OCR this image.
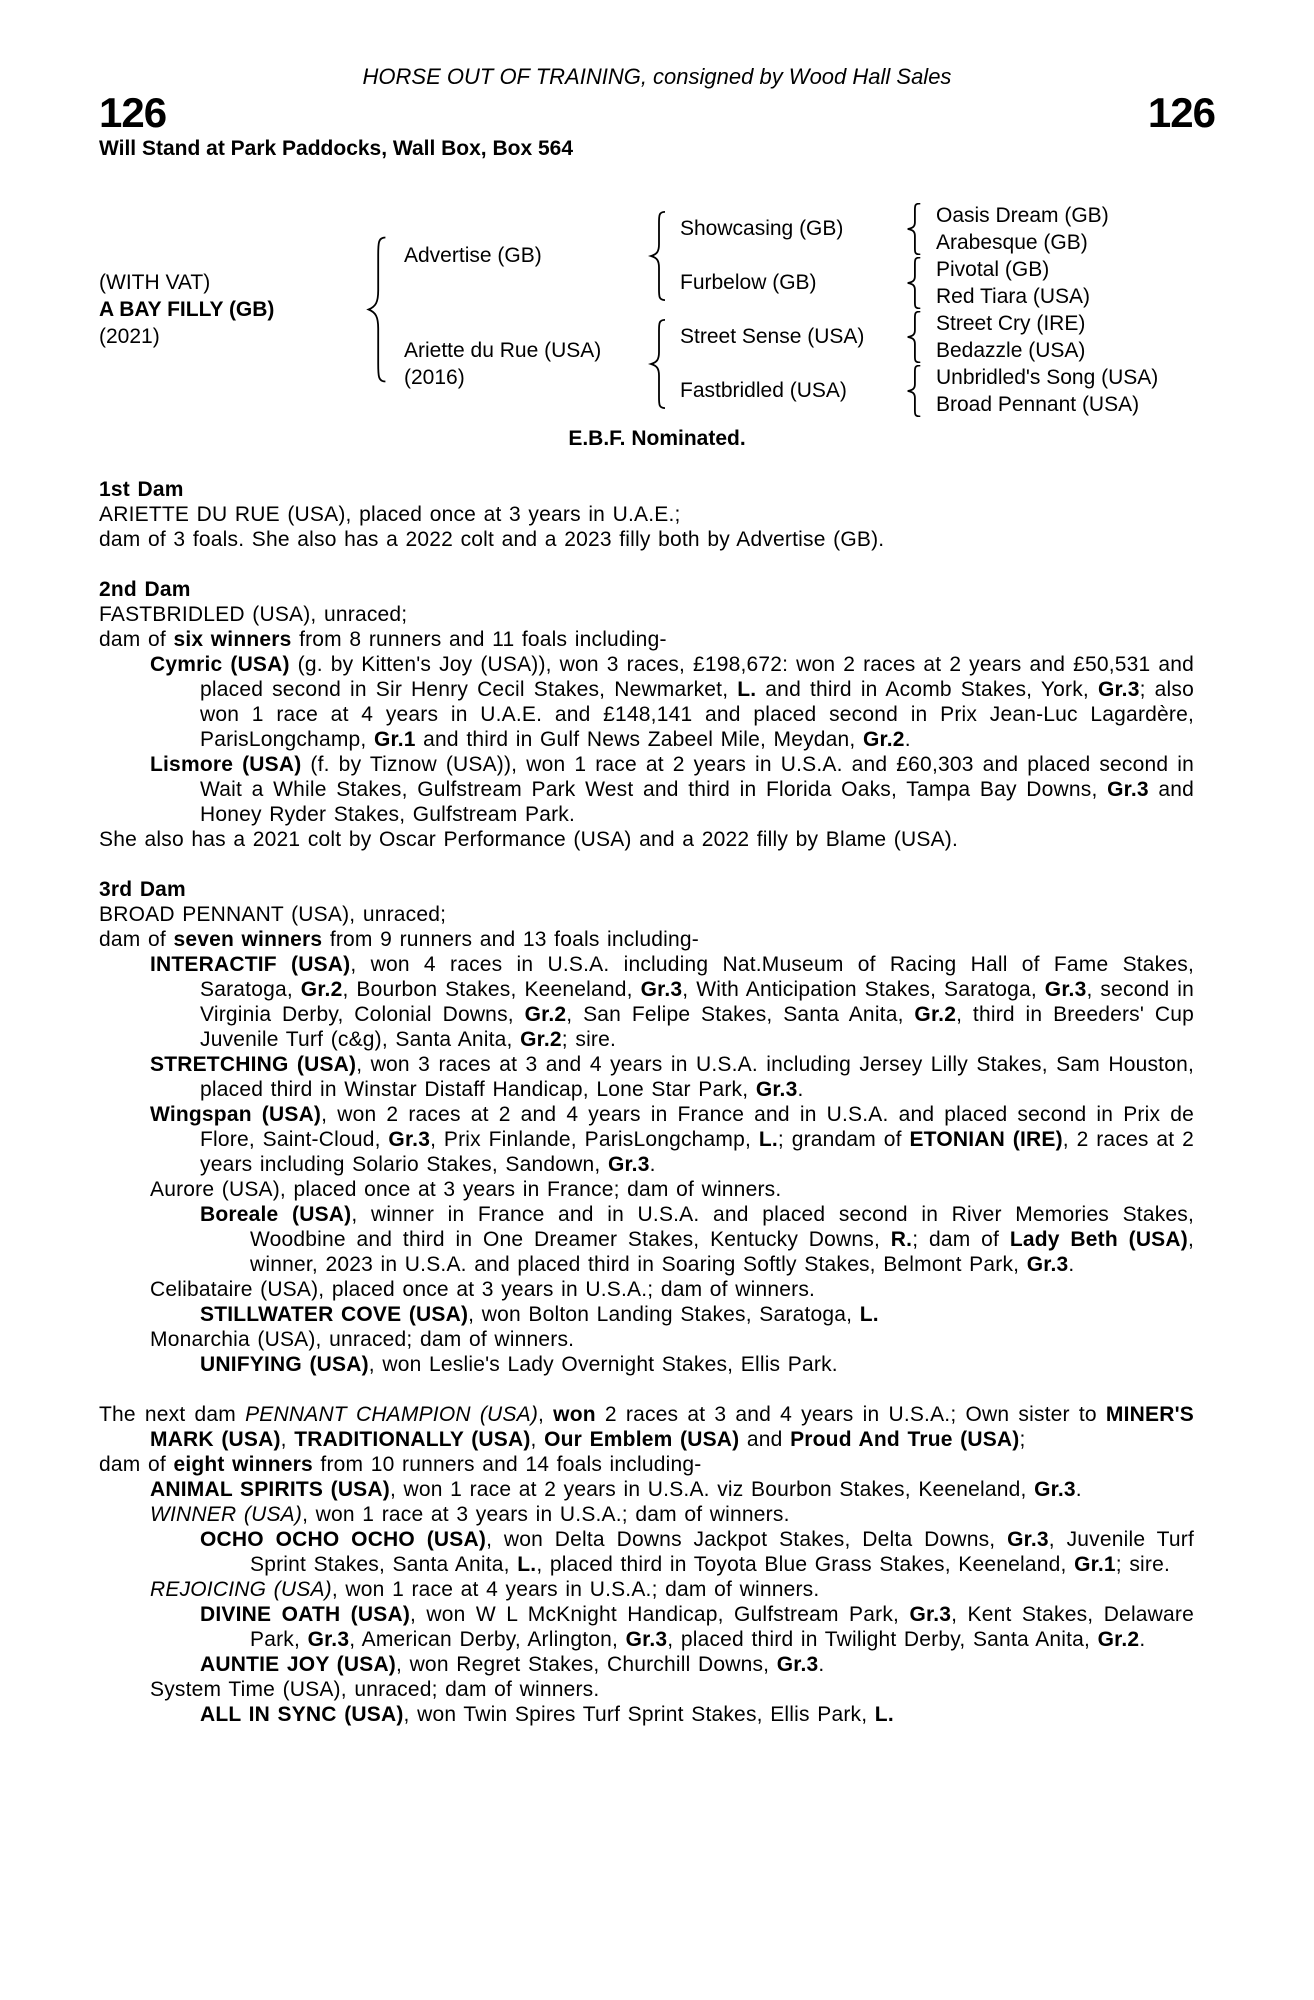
HORSE OUT OF TRAINING, consigned by Wood Hall Sales
126	126
Will Stand at Park Paddocks, Wall Box, Box 564
(WITH VAT)
A BAY FILLY (GB)
(2021)
Advertise (GB)
Ariette du Rue (USA)
(2016)
Showcasing (GB)
Furbelow (GB)
Street Sense (USA)
Fastbridled (USA)
Oasis Dream (GB)
Arabesque (GB)
Pivotal (GB)
Red Tiara (USA)
Street Cry (IRE)
Bedazzle (USA)
Unbridled's Song (USA)
Broad Pennant (USA)
E.B.F. Nominated.
1st Dam

ARIETTE DU RUE (USA), placed once at 3 years in U.A.E.;

dam of 3 foals. She also has a 2022 colt and a 2023 filly both by Advertise (GB).

2nd Dam

FASTBRIDLED (USA), unraced;

dam of six winners from 8 runners and 11 foals including-

Cymric (USA) (g. by Kitten's Joy (USA)), won 3 races, £198,672: won 2 races at 2 years and £50,531 and placed second in Sir Henry Cecil Stakes, Newmarket, L. and third in Acomb Stakes, York, Gr.3; also won 1 race at 4 years in U.A.E. and £148,141 and placed second in Prix Jean-Luc Lagardère, ParisLongchamp, Gr.1 and third in Gulf News Zabeel Mile, Meydan, Gr.2.

Lismore (USA) (f. by Tiznow (USA)), won 1 race at 2 years in U.S.A. and £60,303 and placed second in Wait a While Stakes, Gulfstream Park West and third in Florida Oaks, Tampa Bay Downs, Gr.3 and Honey Ryder Stakes, Gulfstream Park.

She also has a 2021 colt by Oscar Performance (USA) and a 2022 filly by Blame (USA).

3rd Dam

BROAD PENNANT (USA), unraced;

dam of seven winners from 9 runners and 13 foals including-

INTERACTIF (USA), won 4 races in U.S.A. including Nat.Museum of Racing Hall of Fame Stakes, Saratoga, Gr.2, Bourbon Stakes, Keeneland, Gr.3, With Anticipation Stakes, Saratoga, Gr.3, second in Virginia Derby, Colonial Downs, Gr.2, San Felipe Stakes, Santa Anita, Gr.2, third in Breeders' Cup Juvenile Turf (c&g), Santa Anita, Gr.2; sire.

STRETCHING (USA), won 3 races at 3 and 4 years in U.S.A. including Jersey Lilly Stakes, Sam Houston, placed third in Winstar Distaff Handicap, Lone Star Park, Gr.3.

Wingspan (USA), won 2 races at 2 and 4 years in France and in U.S.A. and placed second in Prix de Flore, Saint-Cloud, Gr.3, Prix Finlande, ParisLongchamp, L.; grandam of ETONIAN (IRE), 2 races at 2 years including Solario Stakes, Sandown, Gr.3.

Aurore (USA), placed once at 3 years in France; dam of winners.

Boreale (USA), winner in France and in U.S.A. and placed second in River Memories Stakes, Woodbine and third in One Dreamer Stakes, Kentucky Downs, R.; dam of Lady Beth (USA), winner, 2023 in U.S.A. and placed third in Soaring Softly Stakes, Belmont Park, Gr.3.

Celibataire (USA), placed once at 3 years in U.S.A.; dam of winners.

STILLWATER COVE (USA), won Bolton Landing Stakes, Saratoga, L.

Monarchia (USA), unraced; dam of winners.

UNIFYING (USA), won Leslie's Lady Overnight Stakes, Ellis Park.

The next dam PENNANT CHAMPION (USA), won 2 races at 3 and 4 years in U.S.A.; Own sister to MINER'S MARK (USA), TRADITIONALLY (USA), Our Emblem (USA) and Proud And True (USA);

dam of eight winners from 10 runners and 14 foals including-

ANIMAL SPIRITS (USA), won 1 race at 2 years in U.S.A. viz Bourbon Stakes, Keeneland, Gr.3.

WINNER (USA), won 1 race at 3 years in U.S.A.; dam of winners.

OCHO OCHO OCHO (USA), won Delta Downs Jackpot Stakes, Delta Downs, Gr.3, Juvenile Turf Sprint Stakes, Santa Anita, L., placed third in Toyota Blue Grass Stakes, Keeneland, Gr.1; sire.

REJOICING (USA), won 1 race at 4 years in U.S.A.; dam of winners.

DIVINE OATH (USA), won W L McKnight Handicap, Gulfstream Park, Gr.3, Kent Stakes, Delaware Park, Gr.3, American Derby, Arlington, Gr.3, placed third in Twilight Derby, Santa Anita, Gr.2.

AUNTIE JOY (USA), won Regret Stakes, Churchill Downs, Gr.3.

System Time (USA), unraced; dam of winners.

ALL IN SYNC (USA), won Twin Spires Turf Sprint Stakes, Ellis Park, L.
